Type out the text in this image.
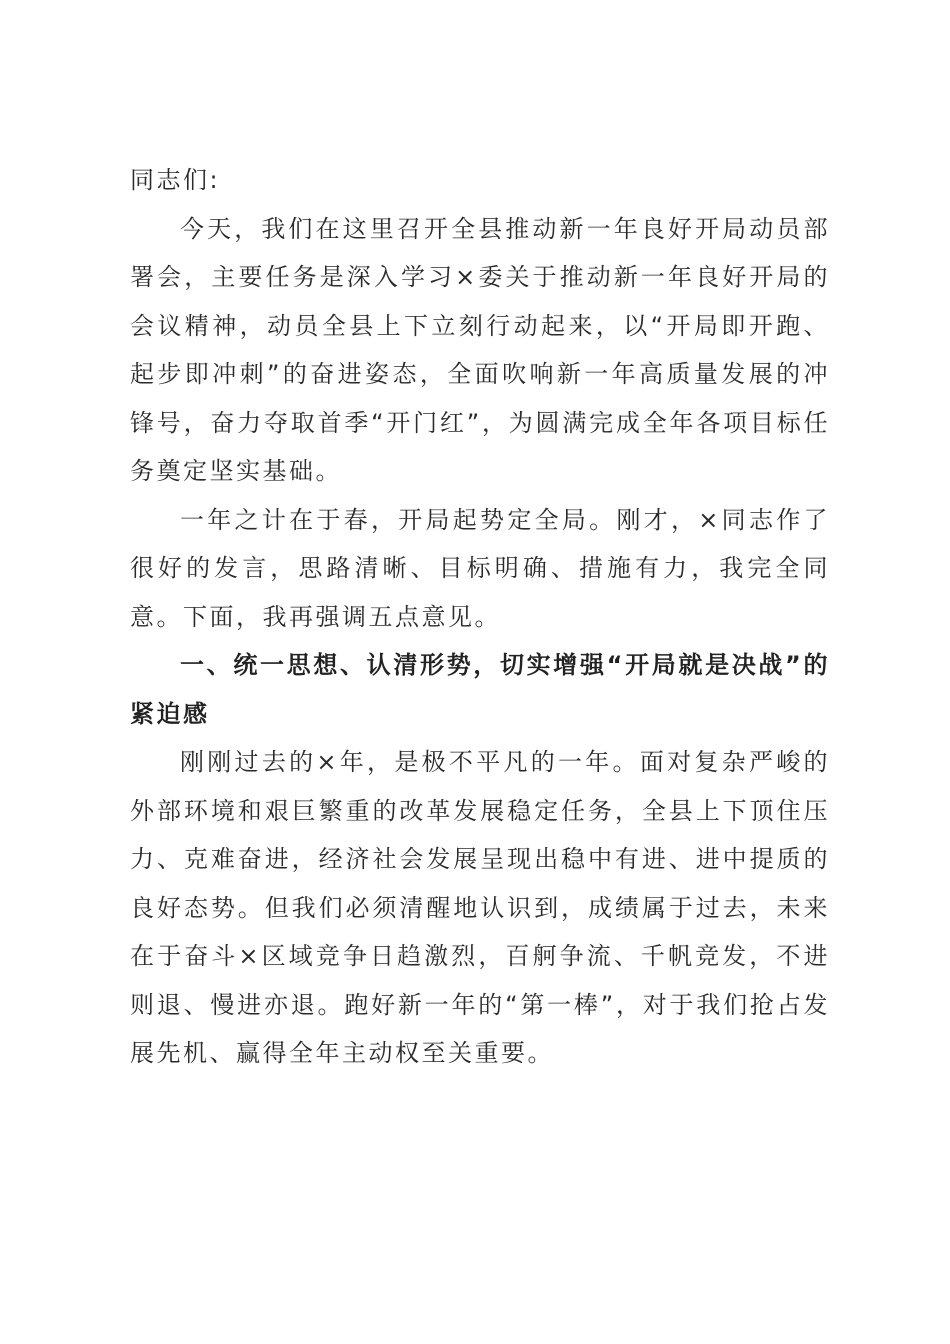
同志们:

今天，我们在这里召开全县推动新一年良好开局动员部署会，主要任务是深入学习×委关于推动新一年良好开局的会议精神，动员全县上下立刻行动起来，以“开局即开跑、起步即冲刺”的奋进姿态，全面吹响新一年高质量发展的冲锋号，奋力夺取首季“开门红”，为圆满完成全年各项目标任务奠定坚实基础。

一年之计在于春，开局起势定全局。刚才，×同志作了很好的发言，思路清晰、目标明确、措施有力，我完全同意。下面，我再强调五点意见。

一、统一思想、认清形势，切实增强“开局就是决战”的紧迫感

刚刚过去的×年，是极不平凡的一年。面对复杂严峻的外部环境和艰巨繁重的改革发展稳定任务，全县上下顶住压力、克难奋进，经济社会发展呈现出稳中有进、进中提质的良好态势。但我们必须清醒地认识到，成绩属于过去，未来在于奋斗×区域竞争日趋激烈，百舸争流、千帆竞发，不进则退、慢进亦退。跑好新一年的“第一棒”，对于我们抢占发展先机、赢得全年主动权至关重要。
